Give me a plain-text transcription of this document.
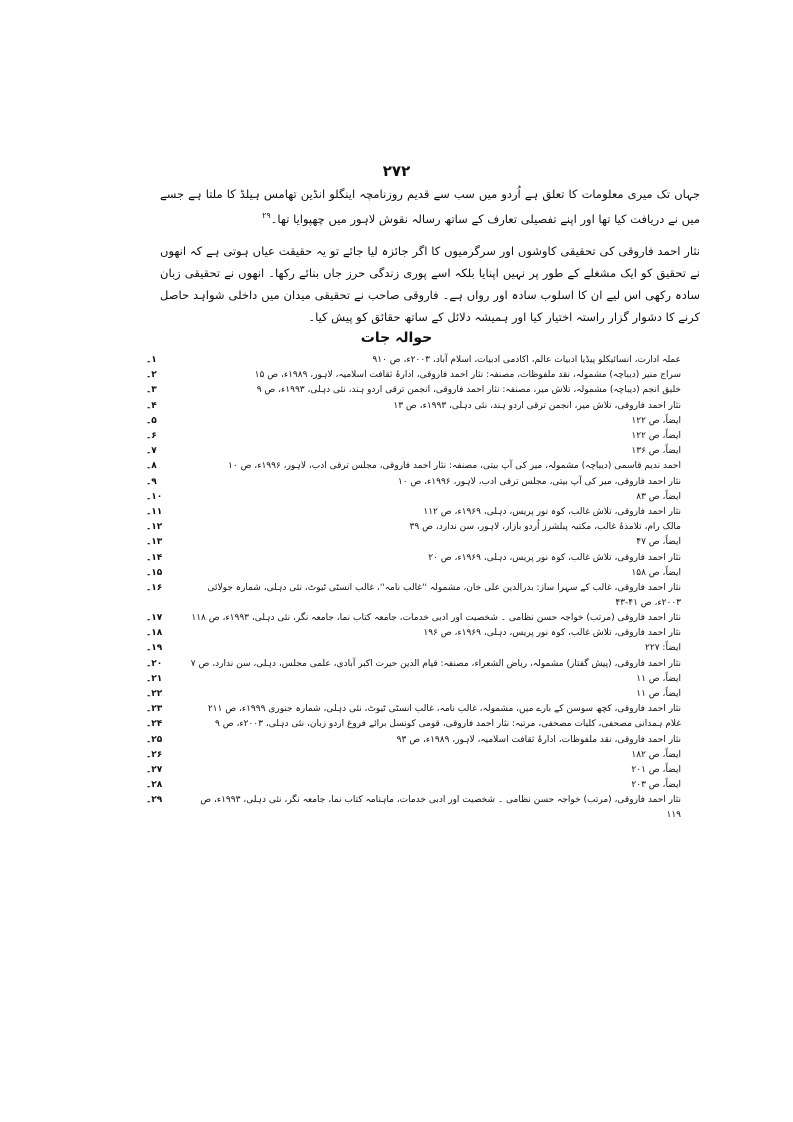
۲۷۲

جہاں تک میری معلومات کا تعلق ہے اُردو میں سب سے قدیم روزنامچہ اینگلو انڈین تھامس ہیلڈ کا ملتا ہے جسے میں نے دریافت کیا تھا اور اپنے تفصیلی تعارف کے ساتھ رسالہ نقوش لاہور میں چھپوایا تھا۔$^{۲۹}$

نثار احمد فاروقی کی تحقیقی کاوشوں اور سرگرمیوں کا اگر جائزہ لیا جائے تو یہ حقیقت عیاں ہوتی ہے کہ انھوں نے تحقیق کو ایک مشغلے کے طور پر نہیں اپنایا بلکہ اسے پوری زندگی حرز جاں بنائے رکھا۔ انھوں نے تحقیقی زبان سادہ رکھی اس لیے ان کا اسلوب سادہ اور رواں ہے۔ فاروقی صاحب نے تحقیقی میدان میں داخلی شواہد حاصل کرنے کا دشوار گزار راستہ اختیار کیا اور ہمیشہ دلائل کے ساتھ حقائق کو پیش کیا۔

حوالہ جات
عملہ ادارت، انسائیکلو پیڈیا ادبیات عالم، اکادمی ادبیات، اسلام آباد، ۲۰۰۳ء، ص ۹۱۰
۱۔
سراج منیر (دیباچہ) مشمولہ، نقد ملفوظات، مصنفہ: نثار احمد فاروقی، ادارۂ ثقافت اسلامیہ، لاہور، ۱۹۸۹ء، ص ۱۵
۲۔
خلیق انجم (دیباچہ) مشمولہ، تلاش میر، مصنفہ: نثار احمد فاروقی، انجمن ترقی اردو ہند، نئی دہلی، ۱۹۹۳ء، ص ۹
۳۔
نثار احمد فاروقی، تلاش میر، انجمن ترقی اردو ہند، نئی دہلی، ۱۹۹۳ء، ص ۱۳
۴۔
ایضاً، ص ۱۲۲
۵۔
ایضاً، ص ۱۲۲
۶۔
ایضاً، ص ۱۳۶
۷۔
احمد ندیم قاسمی (دیباچہ) مشمولہ، میر کی آپ بیتی، مصنفہ: نثار احمد فاروقی، مجلس ترقی ادب، لاہور، ۱۹۹۶ء، ص ۱۰
۸۔
نثار احمد فاروقی، میر کی آپ بیتی، مجلس ترقی ادب، لاہور، ۱۹۹۶ء، ص ۱۰
۹۔
ایضاً، ص ۸۳
۱۰۔
نثار احمد فاروقی، تلاش غالب، کوہ نور پریس، دہلی، ۱۹۶۹ء، ص ۱۱۲
۱۱۔
مالک رام، تلامذۂ غالب، مکتبہ پبلشرز اُردو بازار، لاہور، سن ندارد، ص ۳۹
۱۲۔
ایضاً، ص ۴۷
۱۳۔
نثار احمد فاروقی، تلاش غالب، کوہ نور پریس، دہلی، ۱۹۶۹ء، ص ۲۰
۱۴۔
ایضاً، ص ۱۵۸
۱۵۔
نثار احمد فاروقی، غالب کے سہرا ساز: بدرالدین علی خان، مشمولہ ''غالب نامہ''، غالب انسٹی ٹیوٹ، نئی دہلی، شمارہ جولائی ۲۰۰۳ء، ص ۴۱-۴۳
۱۶۔
نثار احمد فاروقی (مرتب) خواجہ حسن نظامی ۔ شخصیت اور ادبی خدمات، جامعہ کتاب نما، جامعہ نگر، نئی دہلی، ۱۹۹۳ء، ص ۱۱۸
۱۷۔
نثار احمد فاروقی، تلاش غالب، کوہ نور پریس، دہلی، ۱۹۶۹ء، ص ۱۹۶
۱۸۔
ایضاً: ۲۲۷
۱۹۔
نثار احمد فاروقی، (پیش گفتار) مشمولہ، ریاض الشعراء، مصنفہ: قیام الدین حیرت اکبر آبادی، علمی مجلس، دہلی، سن ندارد، ص ۷
۲۰۔
ایضاً، ص ۱۱
۲۱۔
ایضاً، ص ۱۱
۲۲۔
نثار احمد فاروقی، کچھ سوسن کے بارے میں، مشمولہ، غالب نامہ، غالب انسٹی ٹیوٹ، نئی دہلی، شمارہ جنوری ۱۹۹۹ء، ص ۲۱۱
۲۳۔
غلام ہمدانی مصحفی، کلیات مصحفی، مرتبہ: نثار احمد فاروقی، قومی کونسل برائے فروغ اردو زبان، نئی دہلی، ۲۰۰۳ء، ص ۹
۲۴۔
نثار احمد فاروقی، نقد ملفوظات، ادارۂ ثقافت اسلامیہ، لاہور، ۱۹۸۹ء، ص ۹۳
۲۵۔
ایضاً، ص ۱۸۲
۲۶۔
ایضاً، ص ۲۰۱
۲۷۔
ایضاً، ص ۲۰۳
۲۸۔
نثار احمد فاروقی، (مرتب) خواجہ حسن نظامی ۔ شخصیت اور ادبی خدمات، ماہنامہ کتاب نما، جامعہ نگر، نئی دہلی، ۱۹۹۳ء، ص ۱۱۹
۲۹۔
